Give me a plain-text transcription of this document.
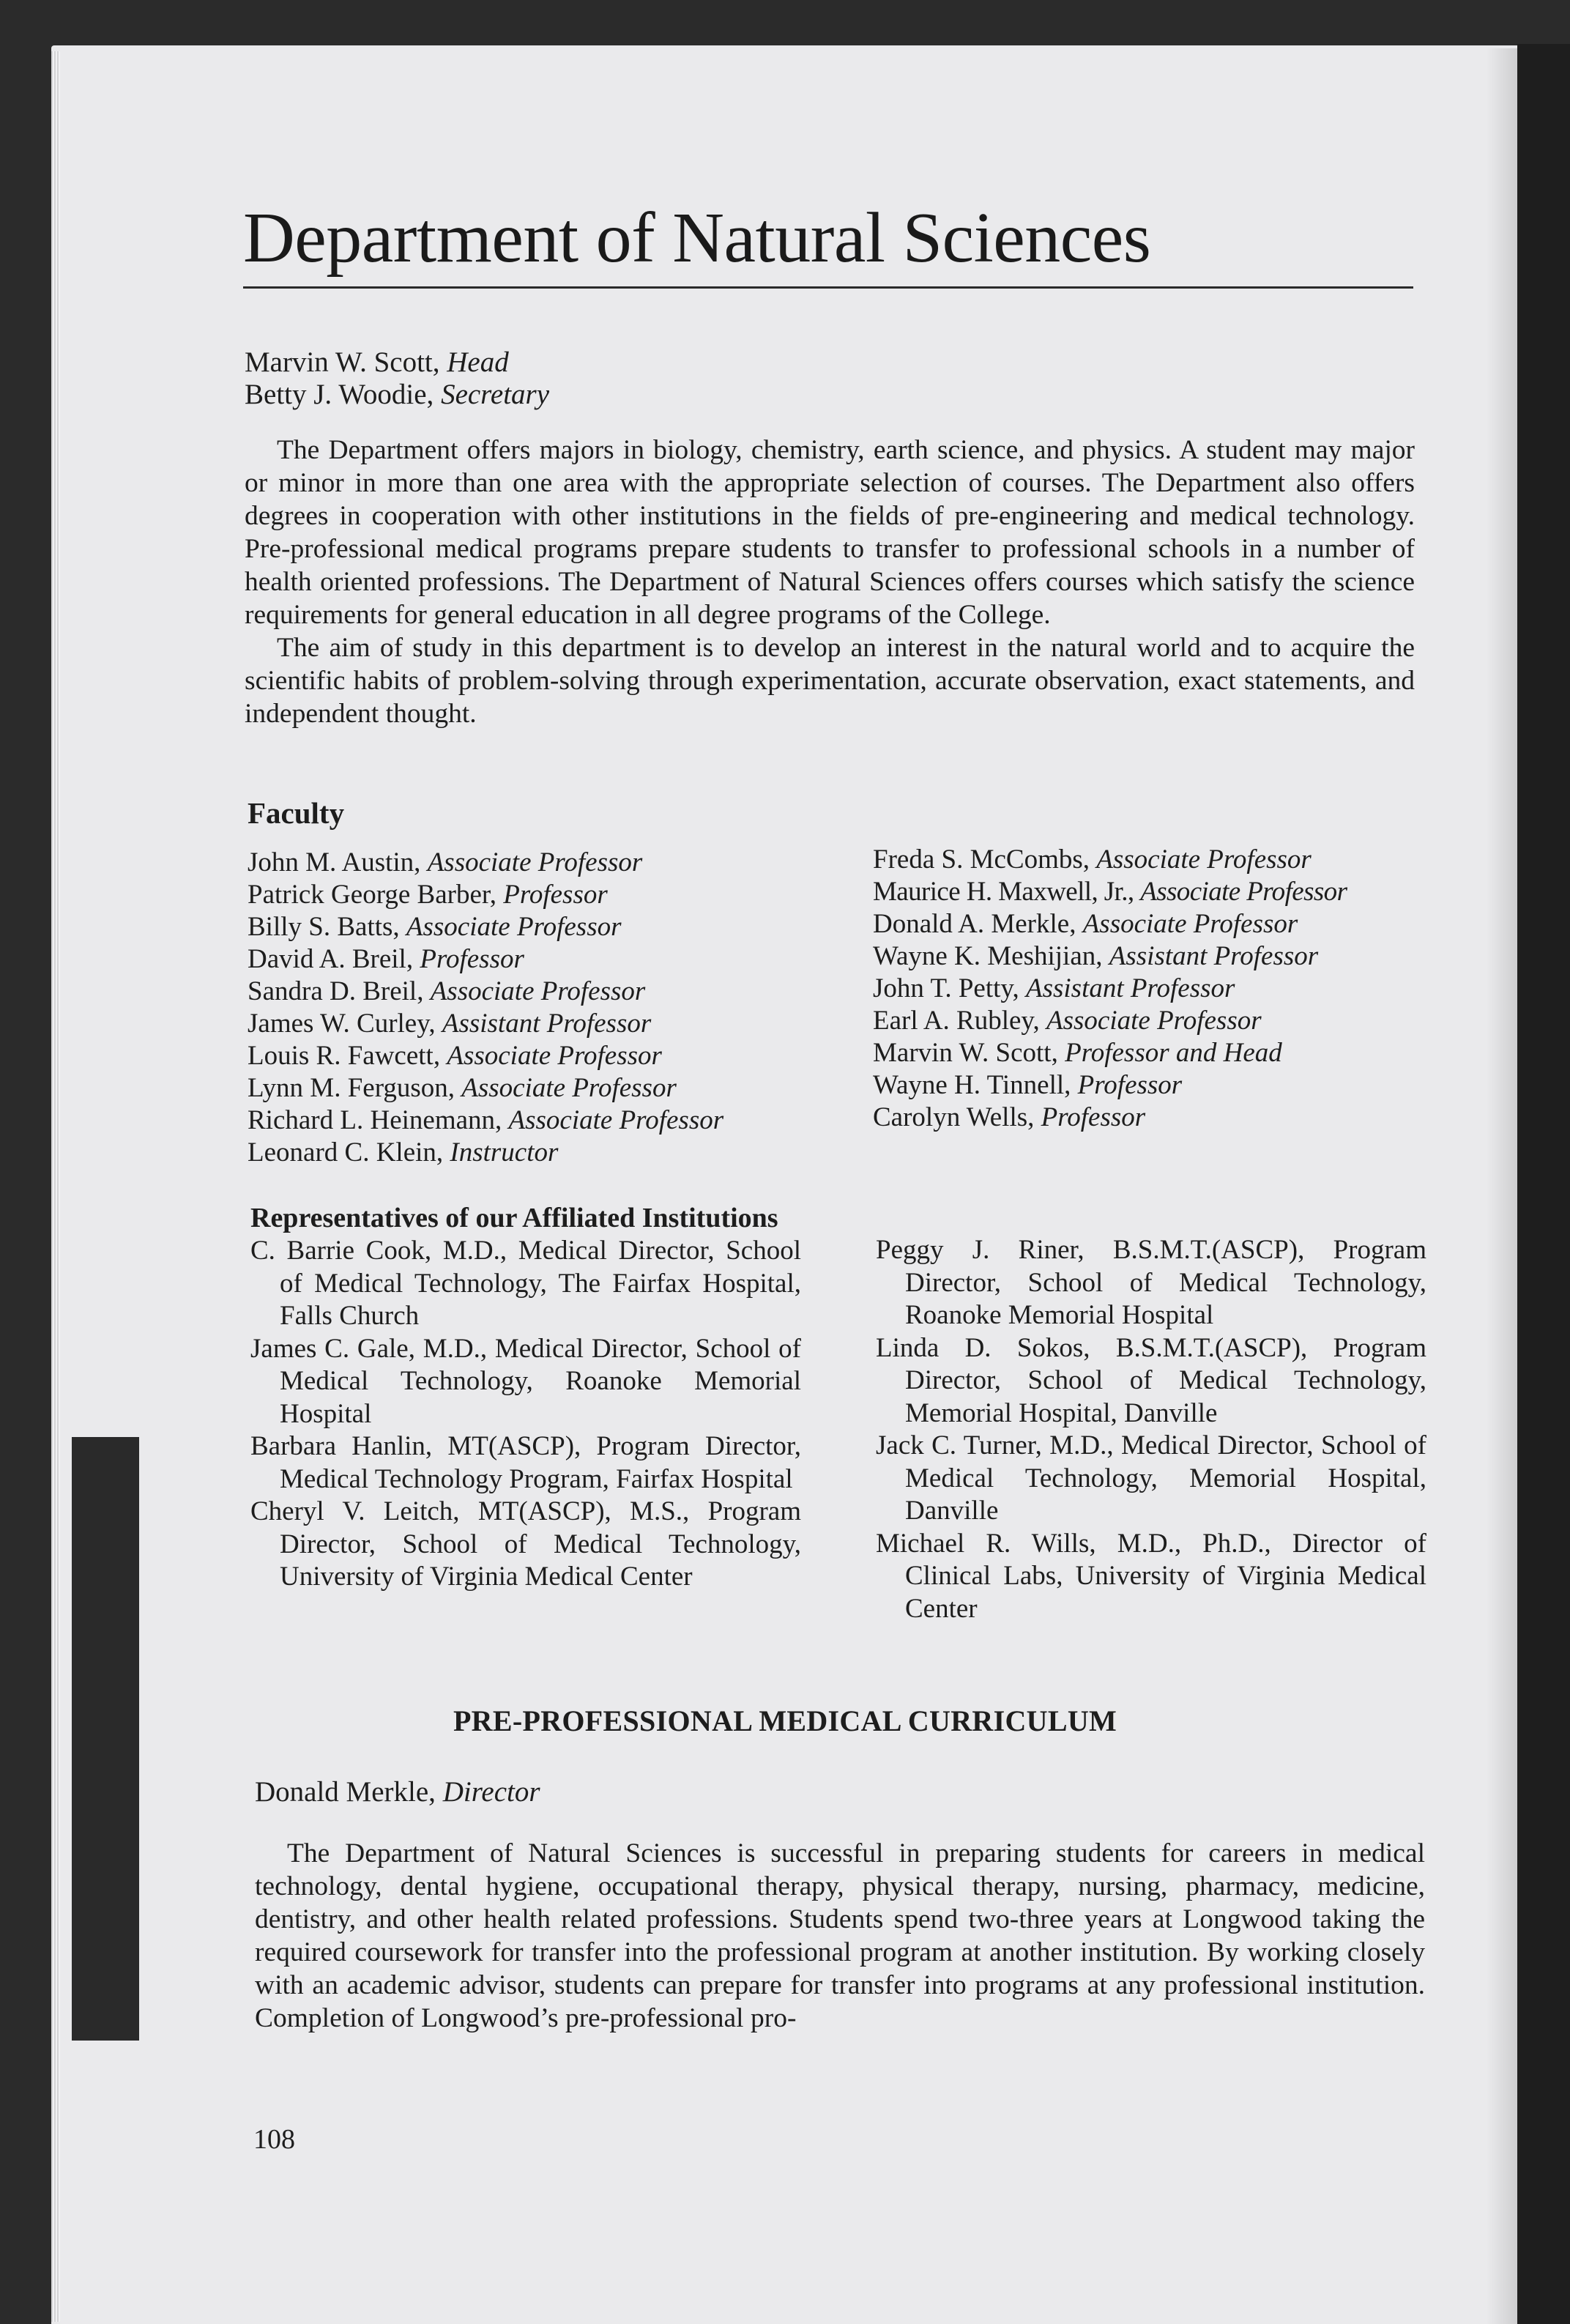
Department of Natural Sciences
Marvin W. Scott, Head
Betty J. Woodie, Secretary

The Department offers majors in biology, chemistry, earth science, and physics. A student may major or minor in more than one area with the appropriate selection of courses. The Department also offers degrees in cooperation with other institutions in the fields of pre-engineering and medical technology. Pre-professional medical programs prepare students to transfer to professional schools in a number of health oriented professions. The Department of Natural Sciences offers courses which satisfy the science requirements for general education in all degree programs of the College.

The aim of study in this department is to develop an interest in the natural world and to acquire the scientific habits of problem-solving through experimentation, accurate observation, exact statements, and independent thought.

Faculty
John M. Austin, Associate Professor
Patrick George Barber, Professor
Billy S. Batts, Associate Professor
David A. Breil, Professor
Sandra D. Breil, Associate Professor
James W. Curley, Assistant Professor
Louis R. Fawcett, Associate Professor
Lynn M. Ferguson, Associate Professor
Richard L. Heinemann, Associate Professor
Leonard C. Klein, Instructor
Freda S. McCombs, Associate Professor
Maurice H. Maxwell, Jr., Associate Professor
Donald A. Merkle, Associate Professor
Wayne K. Meshijian, Assistant Professor
John T. Petty, Assistant Professor
Earl A. Rubley, Associate Professor
Marvin W. Scott, Professor and Head
Wayne H. Tinnell, Professor
Carolyn Wells, Professor
Representatives of our Affiliated Institutions
C. Barrie Cook, M.D., Medical Director, School of Medical Technology, The Fairfax Hospital, Falls Church
James C. Gale, M.D., Medical Director, School of Medical Technology, Roanoke Memorial Hospital
Barbara Hanlin, MT(ASCP), Program Director, Medical Technology Program, Fairfax Hospital
Cheryl V. Leitch, MT(ASCP), M.S., Program Director, School of Medical Technology, University of Virginia Medical Center
Peggy J. Riner, B.S.M.T.(ASCP), Program Director, School of Medical Technology, Roanoke Memorial Hospital
Linda D. Sokos, B.S.M.T.(ASCP), Program Director, School of Medical Technology, Memorial Hospital, Danville
Jack C. Turner, M.D., Medical Director, School of Medical Technology, Memorial Hospital, Danville
Michael R. Wills, M.D., Ph.D., Director of Clinical Labs, University of Virginia Medical Center
PRE-PROFESSIONAL MEDICAL CURRICULUM
Donald Merkle, Director

The Department of Natural Sciences is successful in preparing students for careers in medical technology, dental hygiene, occupational therapy, physical therapy, nursing, pharmacy, medicine, dentistry, and other health related professions. Students spend two-three years at Longwood taking the required coursework for transfer into the professional program at another institution. By working closely with an academic advisor, students can prepare for transfer into programs at any professional institution. Completion of Longwood’s pre-professional pro-

108
